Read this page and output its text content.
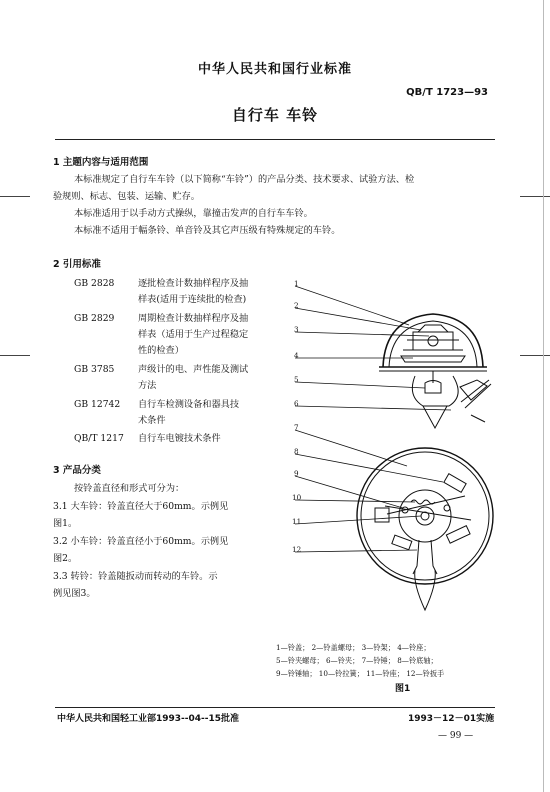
中华人民共和国行业标准
QB/T 1723—93
自行车 车铃
1 主题内容与适用范围
本标准规定了自行车车铃（以下简称“车铃”）的产品分类、技术要求、试验方法、检
验规则、标志、包装、运输、贮存。
本标准适用于以手动方式操纵，靠撞击发声的自行车车铃。
本标准不适用于幅条铃、单音铃及其它声压级有特殊规定的车铃。
2 引用标准
GB 2828	逐批检查计数抽样程序及抽
样表(适用于连续批的检查)
GB 2829	周期检查计数抽样程序及抽
样表（适用于生产过程稳定
性的检查）
GB 3785	声级计的电、声性能及测试
方法
GB 12742 自行车检测设备和器具技
术条件
QB/T 1217 自行车电镀技术条件
3 产品分类
按铃盖直径和形式可分为：
3.1 大车铃：铃盖直径大于60mm。示例见
图1。
3.2 小车铃：铃盖直径小于60mm。示例见
图2。
3.3 转铃：铃盖随扳动而转动的车铃。示
例见图3。
1
2
3
4
5
6
7
8
9
10
11
12
1—铃盖； 2—铃盖螺母； 3—铃架； 4—铃座；
5—铃夹螺母； 6—铃夹； 7—铃锤； 8—铃底轴；
9—铃锤轴； 10—铃拉簧； 11—铃座； 12—铃扳手
图1
中华人民共和国轻工业部1993--04--15批准	1993－12－01实施
— 99 —
